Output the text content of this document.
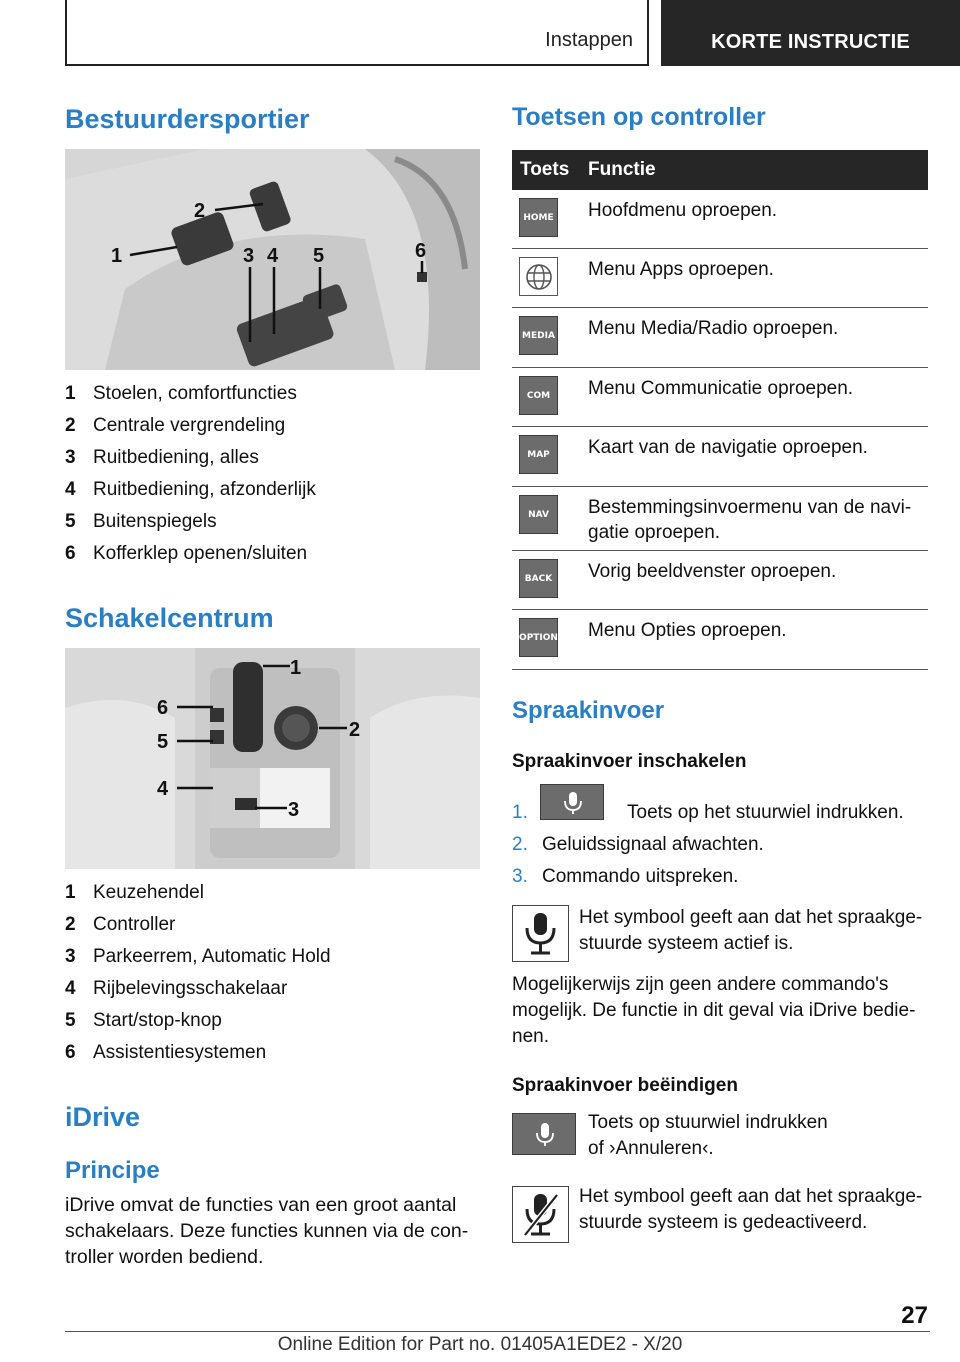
Instappen	KORTE INSTRUCTIE
Bestuurdersportier
1
2
3 4 5	6
1 Stoelen, comfortfuncties
2 Centrale vergrendeling
3 Ruitbediening, alles
4 Ruitbediening, afzonderlijk
5 Buitenspiegels
6 Kofferklep openen/sluiten
Schakelcentrum
1
2
3
4
5
6
1 Keuzehendel
2 Controller
3 Parkeerrem, Automatic Hold
4 Rijbelevingsschakelaar
5 Start/stop-knop
6 Assistentiesystemen
iDrive
Principe
iDrive omvat de functies van een groot aantal
schakelaars. Deze functies kunnen via de con-
troller worden bediend.
Toetsen op controller
Toets Functie
HOME Hoofdmenu oproepen.
Menu Apps oproepen.
MEDIA Menu Media/Radio oproepen.
COM	Menu Communicatie oproepen.
MAP	Kaart van de navigatie oproepen.
NAV	Bestemmingsinvoermenu van de navi-
gatie oproepen.
BACK	Vorig beeldvenster oproepen.
OPTION Menu Opties oproepen.
Spraakinvoer
Spraakinvoer inschakelen
1.	Toets op het stuurwiel indrukken.
2. Geluidssignaal afwachten.
3. Commando uitspreken.
Het symbool geeft aan dat het spraakge-
stuurde systeem actief is.
Mogelijkerwijs zijn geen andere commando's
mogelijk. De functie in dit geval via iDrive bedie-
nen.
Spraakinvoer beëindigen
Toets op stuurwiel indrukken
of ›Annuleren‹.
Het symbool geeft aan dat het spraakge-
stuurde systeem is gedeactiveerd.
27
Online Edition for Part no. 01405A1EDE2 - X/20
